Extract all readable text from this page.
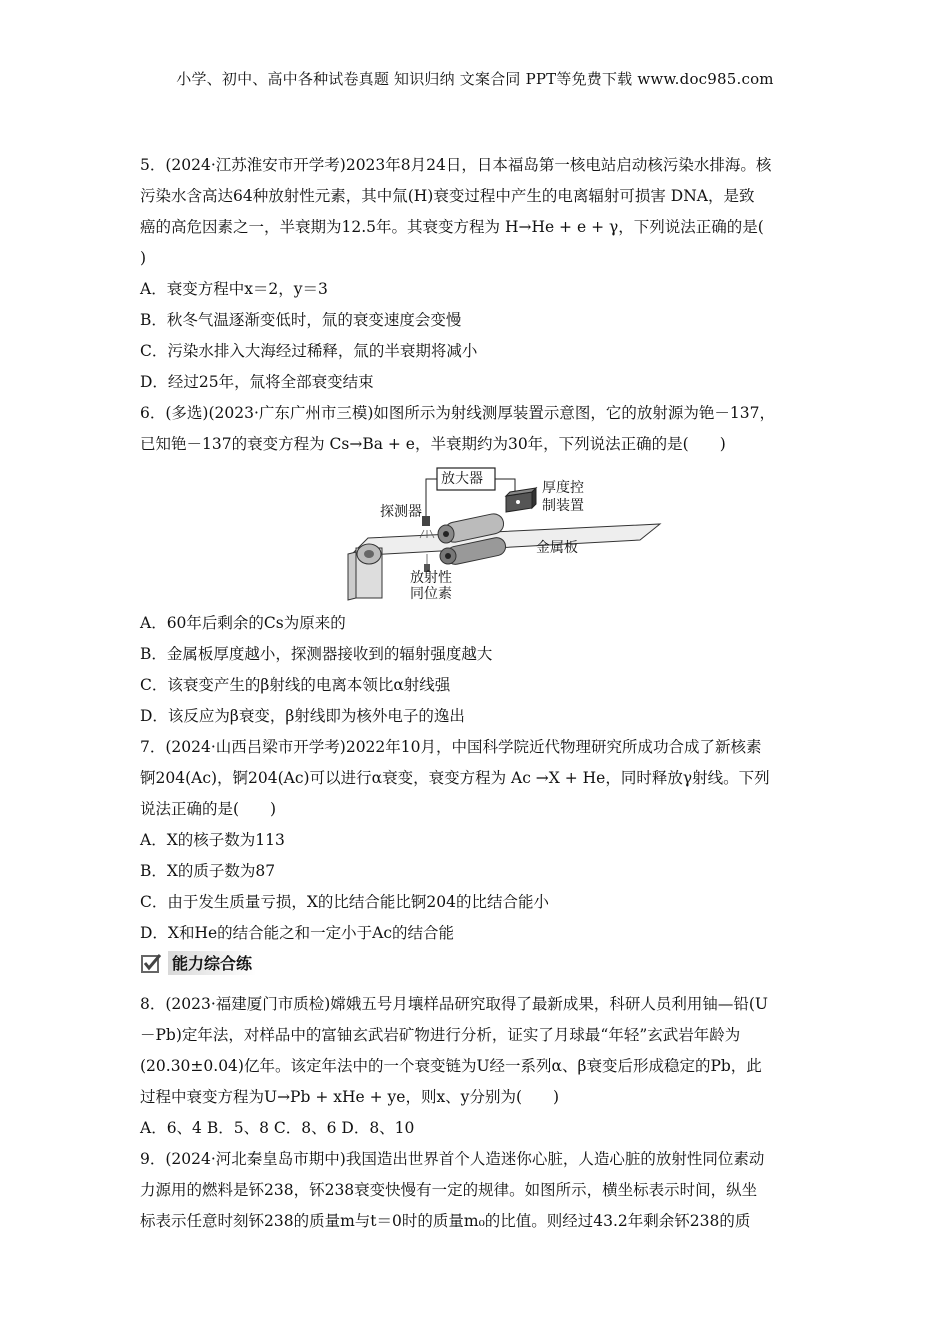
小学、初中、高中各种试卷真题 知识归纳 文案合同 PPT等免费下载 www.doc985.com

5．(2024·江苏淮安市开学考)2023年8月24日，日本福岛第一核电站启动核污染水排海。核

污染水含高达64种放射性元素，其中氚(H)衰变过程中产生的电离辐射可损害 DNA，是致

癌的高危因素之一，半衰期为12.5年。其衰变方程为 H→He + e + γ，下列说法正确的是(

)

A．衰变方程中x＝2，y＝3

B．秋冬气温逐渐变低时，氚的衰变速度会变慢

C．污染水排入大海经过稀释，氚的半衰期将减小

D．经过25年，氚将全部衰变结束

6．(多选)(2023·广东广州市三模)如图所示为射线测厚装置示意图，它的放射源为铯－137，

已知铯－137的衰变方程为 Cs→Ba + e，半衰期约为30年，下列说法正确的是(　　)

放大器
探测器
厚度控
制装置
金属板
放射性
同位素

A．60年后剩余的Cs为原来的

B．金属板厚度越小，探测器接收到的辐射强度越大

C．该衰变产生的β射线的电离本领比α射线强

D．该反应为β衰变，β射线即为核外电子的逸出

7．(2024·山西吕梁市开学考)2022年10月，中国科学院近代物理研究所成功合成了新核素

锕204(Ac)，锕204(Ac)可以进行α衰变，衰变方程为 Ac →X + He，同时释放γ射线。下列

说法正确的是(　　)

A．X的核子数为113

B．X的质子数为87

C．由于发生质量亏损，X的比结合能比锕204的比结合能小

D．X和He的结合能之和一定小于Ac的结合能

能力综合练

8．(2023·福建厦门市质检)嫦娥五号月壤样品研究取得了最新成果，科研人员利用铀—铅(U

－Pb)定年法，对样品中的富铀玄武岩矿物进行分析，证实了月球最“年轻”玄武岩年龄为

(20.30±0.04)亿年。该定年法中的一个衰变链为U经一系列α、β衰变后形成稳定的Pb，此

过程中衰变方程为U→Pb + xHe + ye，则x、y分别为(　　)

A．6、4 B．5、8 C．8、6 D．8、10

9．(2024·河北秦皇岛市期中)我国造出世界首个人造迷你心脏，人造心脏的放射性同位素动

力源用的燃料是钚238，钚238衰变快慢有一定的规律。如图所示，横坐标表示时间，纵坐

标表示任意时刻钚238的质量m与t＝0时的质量m₀的比值。则经过43.2年剩余钚238的质
